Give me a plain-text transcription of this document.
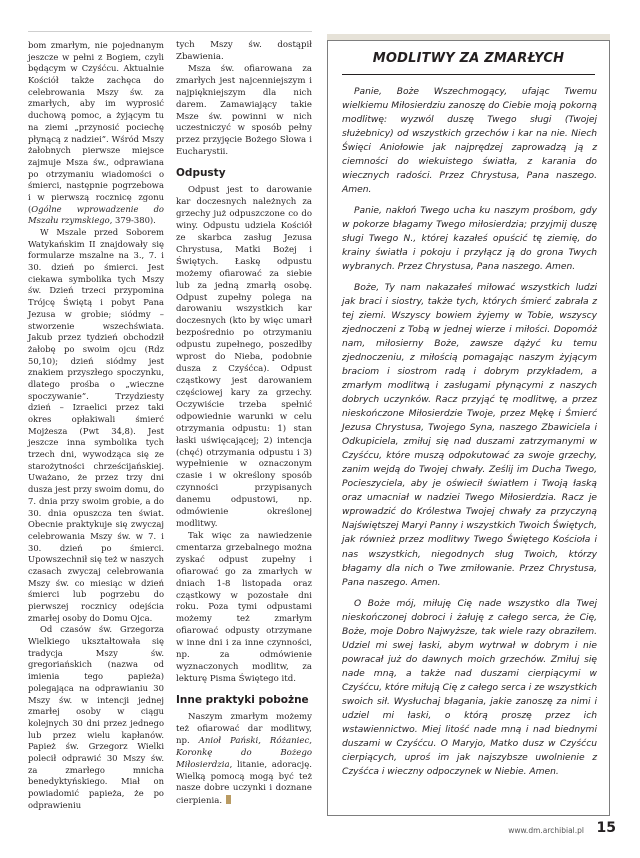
bom zmarłym, nie pojednanym jeszcze w pełni z Bogiem, czyli będącym w Czyśćcu. Aktualnie Kościół także zachęca do celebrowania Mszy św. za zmarłych, aby im wyprosić duchową pomoc, a żyjącym tu na ziemi „przynosić pociechę płynącą z nadziei”. Wśród Mszy żałobnych pierwsze miejsce zajmuje Msza św., odprawiana po otrzymaniu wiadomości o śmierci, następnie pogrzebowa i w pierwszą rocznicę zgonu (Ogólne wprowadzenie do Mszału rzymskiego, 379-380).

W Mszale przed Soborem Watykańskim II znajdowały się formularze mszalne na 3., 7. i 30. dzień po śmierci. Jest ciekawa symbolika tych Mszy św. Dzień trzeci przypomina Trójcę Świętą i pobyt Pana Jezusa w grobie; siódmy – stworzenie wszechświata. Jakub przez tydzień obchodził żałobę po swoim ojcu (Rdz 50,10); dzień siódmy jest znakiem przyszłego spoczynku, dlatego prośba o „wieczne spoczywanie”. Trzydziesty dzień – Izraelici przez taki okres opłakiwali śmierć Mojżesza (Pwt 34,8). Jest jeszcze inna symbolika tych trzech dni, wywodząca się ze starożytności chrześcijańskiej. Uważano, że przez trzy dni dusza jest przy swoim domu, do 7. dnia przy swoim grobie, a do 30. dnia opuszcza ten świat. Obecnie praktykuje się zwyczaj celebrowania Mszy św. w 7. i 30. dzień po śmierci. Upowszechnił się też w naszych czasach zwyczaj celebrowania Mszy św. co miesiąc w dzień śmierci lub pogrzebu do pierwszej rocznicy odejścia zmarłej osoby do Domu Ojca.

Od czasów św. Grzegorza Wielkiego ukształtowała się tradycja Mszy św. gregoriańskich (nazwa od imienia tego papieża) polegająca na odprawianiu 30 Mszy św. w intencji jednej zmarłej osoby w ciągu kolejnych 30 dni przez jednego lub przez wielu kapłanów. Papież św. Grzegorz Wielki polecił odprawić 30 Mszy św. za zmarłego mnicha benedyktyńskiego. Miał on powiadomić papieża, że po odprawieniu

tych Mszy św. dostąpił Zbawienia.

Msza św. ofiarowana za zmarłych jest najcenniejszym i najpiękniejszym dla nich darem. Zamawiający takie Msze św. powinni w nich uczestniczyć w sposób pełny przez przyjęcie Bożego Słowa i Eucharystii.

Odpusty

Odpust jest to darowanie kar doczesnych należnych za grzechy już odpuszczone co do winy. Odpustu udziela Kościół ze skarbca zasług Jezusa Chrystusa, Matki Bożej i Świętych. Łaskę odpustu możemy ofiarować za siebie lub za jedną zmarłą osobę. Odpust zupełny polega na darowaniu wszystkich kar doczesnych (kto by więc umarł bezpośrednio po otrzymaniu odpustu zupełnego, poszedłby wprost do Nieba, podobnie dusza z Czyśćca). Odpust cząstkowy jest darowaniem częściowej kary za grzechy. Oczywiście trzeba spełnić odpowiednie warunki w celu otrzymania odpustu: 1) stan łaski uświęcającej; 2) intencja (chęć) otrzymania odpustu i 3) wypełnienie w oznaczonym czasie i w określony sposób czynności przypisanych danemu odpustowi, np. odmówienie określonej modlitwy.

Tak więc za nawiedzenie cmentarza grzebalnego można zyskać odpust zupełny i ofiarować go za zmarłych w dniach 1-8 listopada oraz cząstkowy w pozostałe dni roku. Poza tymi odpustami możemy też zmarłym ofiarować odpusty otrzymane w inne dni i za inne czynności, np. za odmówienie wyznaczonych modlitw, za lekturę Pisma Świętego itd.

Inne praktyki pobożne

Naszym zmarłym możemy też ofiarować dar modlitwy, np. Anioł Pański, Różaniec, Koronkę do Bożego Miłosierdzia, litanie, adorację. Wielką pomocą mogą być też nasze dobre uczynki i doznane cierpienia.

MODLITWY ZA ZMARŁYCH

Panie, Boże Wszechmogący, ufając Twemu wielkiemu Miłosierdziu zanoszę do Ciebie moją pokorną modlitwę: wyzwól duszę Twego sługi (Twojej służebnicy) od wszystkich grzechów i kar na nie. Niech Święci Aniołowie jak najprędzej zaprowadzą ją z ciemności do wiekuistego światła, z karania do wiecznych radości. Przez Chrystusa, Pana naszego. Amen.

Panie, nakłoń Twego ucha ku naszym prośbom, gdy w pokorze błagamy Twego miłosierdzia; przyjmij duszę sługi Twego N., której kazałeś opuścić tę ziemię, do krainy światła i pokoju i przyłącz ją do grona Twych wybranych. Przez Chrystusa, Pana naszego. Amen.

Boże, Ty nam nakazałeś miłować wszystkich ludzi jak braci i siostry, także tych, których śmierć zabrała z tej ziemi. Wszyscy bowiem żyjemy w Tobie, wszyscy zjednoczeni z Tobą w jednej wierze i miłości. Dopomóż nam, miłosierny Boże, zawsze dążyć ku temu zjednoczeniu, z miłością pomagając naszym żyjącym braciom i siostrom radą i dobrym przykładem, a zmarłym modlitwą i zasługami płynącymi z naszych dobrych uczynków. Racz przyjąć tę modlitwę, a przez nieskończone Miłosierdzie Twoje, przez Mękę i Śmierć Jezusa Chrystusa, Twojego Syna, naszego Zbawiciela i Odkupiciela, zmiłuj się nad duszami zatrzymanymi w Czyśćcu, które muszą odpokutować za swoje grzechy, zanim wejdą do Twojej chwały. Ześlij im Ducha Twego, Pocieszyciela, aby je oświecił światłem i Twoją łaską oraz umacniał w nadziei Twego Miłosierdzia. Racz je wprowadzić do Królestwa Twojej chwały za przyczyną Najświętszej Maryi Panny i wszystkich Twoich Świętych, jak również przez modlitwy Twego Świętego Kościoła i nas wszystkich, niegodnych sług Twoich, którzy błagamy dla nich o Twe zmiłowanie. Przez Chrystusa, Pana naszego. Amen.

O Boże mój, miłuję Cię nade wszystko dla Twej nieskończonej dobroci i żałuję z całego serca, że Cię, Boże, moje Dobro Najwyższe, tak wiele razy obraziłem. Udziel mi swej łaski, abym wytrwał w dobrym i nie powracał już do dawnych moich grzechów. Zmiłuj się nade mną, a także nad duszami cierpiącymi w Czyśćcu, które miłują Cię z całego serca i ze wszystkich swoich sił. Wysłuchaj błagania, jakie zanoszę za nimi i udziel mi łaski, o którą proszę przez ich wstawiennictwo. Miej litość nade mną i nad biednymi duszami w Czyśćcu. O Maryjo, Matko dusz w Czyśćcu cierpiących, uproś im jak najszybsze uwolnienie z Czyśćca i wieczny odpoczynek w Niebie. Amen.

www.dm.archibial.pl 15
